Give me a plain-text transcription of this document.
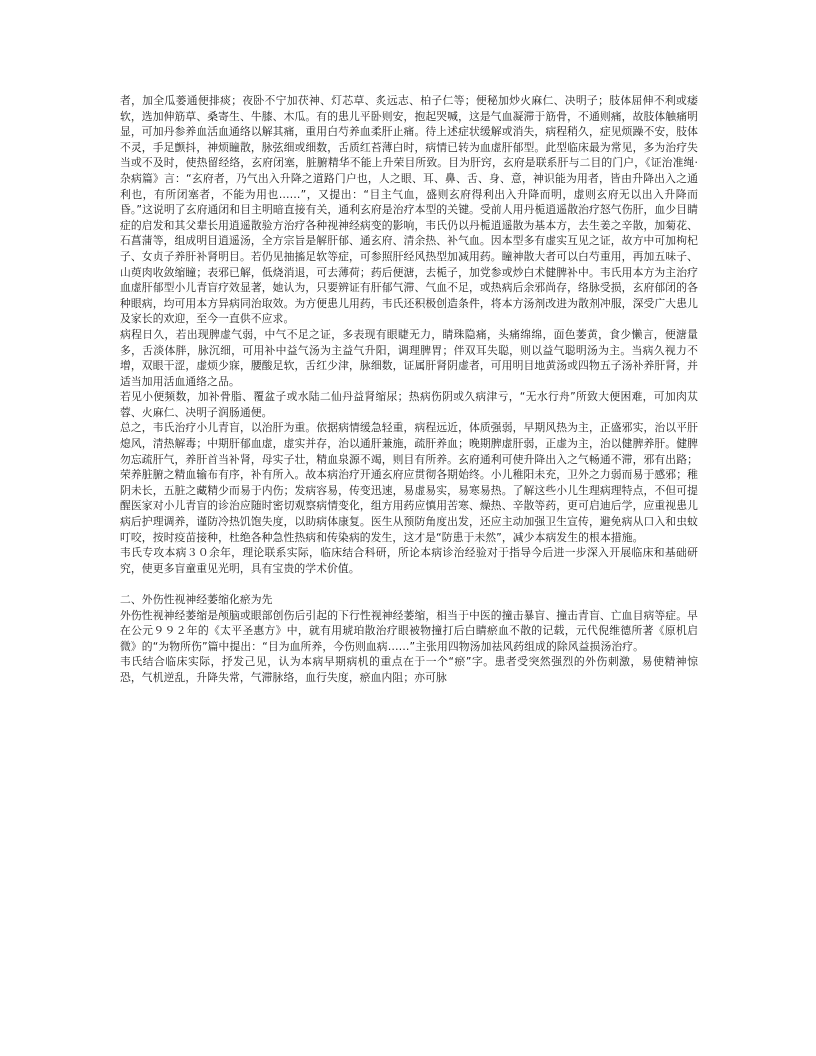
者，加全瓜蒌通便排痰；夜卧不宁加茯神、灯芯草、炙远志、柏子仁等；便秘加炒火麻仁、决明子；肢体屈伸不利或痿软，选加伸筋草、桑寄生、牛膝、木瓜。有的患儿平卧则安，抱起哭喊，这是气血凝滞于筋骨，不通则痛，故肢体触痛明显，可加丹参养血活血通络以解其痛，重用白芍养血柔肝止痛。待上述症状缓解或消失，病程稍久，症见烦躁不安，肢体不灵，手足颤抖，神烦瞳散，脉弦细或细数，舌质红苔薄白时，病情已转为血虚肝郁型。此型临床最为常见，多为治疗失当或不及时，使热留经络，玄府闭塞，脏腑精华不能上升荣目所致。目为肝窍，玄府是联系肝与二目的门户，《证治准绳·杂病篇》言：“玄府者，乃气出入升降之道路门户也，人之眼、耳、鼻、舌、身、意，神识能为用者，皆由升降出入之通利也，有所闭塞者，不能为用也……”，又提出：“目主气血，盛则玄府得利出入升降而明，虚则玄府无以出入升降而昏。”这说明了玄府通闭和目主明暗直接有关，通利玄府是治疗本型的关键。受前人用丹栀逍遥散治疗怒气伤肝，血少目睛症的启发和其父辈长用逍遥散验方治疗各种视神经病变的影响，韦氏仍以丹栀逍遥散为基本方，去生姜之辛散，加菊花、石菖蒲等，组成明目逍遥汤，全方宗旨是解肝郁、通玄府、清余热、补气血。因本型多有虚实互见之证，故方中可加枸杞子、女贞子养肝补肾明目。若仍见抽搐足软等症，可参照肝经风热型加减用药。瞳神散大者可以白芍重用，再加五味子、山萸肉收敛缩瞳；表邪已解，低烧消退，可去薄荷；药后便溏，去栀子，加党参或炒白术健脾补中。韦氏用本方为主治疗血虚肝郁型小儿青盲疗效显著，她认为，只要辨证有肝郁气滞、气血不足，或热病后余邪尚存，络脉受损，玄府郁闭的各种眼病，均可用本方异病同治取效。为方便患儿用药，韦氏还积极创造条件，将本方汤剂改进为散剂冲服，深受广大患儿及家长的欢迎，至今一直供不应求。

病程日久，若出现脾虚气弱，中气不足之证，多表现有眼睫无力，睛珠隐痛，头痛绵绵，面色萎黄，食少懒言，便溏量多，舌淡体胖，脉沉细，可用补中益气汤为主益气升阳，调理脾胃；伴双耳失聪，则以益气聪明汤为主。当病久视力不增，双眼干涩，虚烦少寐，腰酸足软，舌红少津，脉细数，证属肝肾阴虚者，可用明目地黄汤或四物五子汤补养肝肾，并适当加用活血通络之品。

若见小便频数，加补骨脂、覆盆子或水陆二仙丹益肾缩尿；热病伤阴或久病津亏，“无水行舟”所致大便困难，可加肉苁蓉、火麻仁、决明子润肠通便。

总之，韦氏治疗小儿青盲，以治肝为重。依据病情缓急轻重，病程远近，体质强弱，早期风热为主，正盛邪实，治以平肝熄风，清热解毒；中期肝郁血虚，虚实并存，治以通肝兼施，疏肝养血；晚期脾虚肝弱，正虚为主，治以健脾养肝。健脾勿忘疏肝气，养肝首当补肾，母实子壮，精血泉源不竭，则目有所养。玄府通利可使升降出入之气畅通不滞，邪有出路；荣养脏腑之精血输布有序，补有所入。故本病治疗开通玄府应贯彻各期始终。小儿稚阳未充，卫外之力弱而易于感邪；稚阴未长，五脏之藏精少而易于内伤；发病容易，传变迅速，易虚易实，易寒易热。了解这些小儿生理病理特点，不但可提醒医家对小儿青盲的诊治应随时密切观察病情变化，组方用药应慎用苦寒、燥热、辛散等药，更可启迪后学，应重视患儿病后护理调养，谨防冷热饥饱失度，以助病体康复。医生从预防角度出发，还应主动加强卫生宣传，避免病从口入和虫蚊叮咬，按时疫苗接种，杜绝各种急性热病和传染病的发生，这才是“防患于未然”，减少本病发生的根本措施。

韦氏专攻本病３０余年，理论联系实际，临床结合科研，所论本病诊治经验对于指导今后进一步深入开展临床和基础研究，使更多盲童重见光明，具有宝贵的学术价值。

二、外伤性视神经萎缩化瘀为先

外伤性视神经萎缩是颅脑或眼部创伤后引起的下行性视神经萎缩，相当于中医的撞击暴盲、撞击青盲、亡血目病等症。早在公元９９２年的《太平圣惠方》中，就有用琥珀散治疗眼被物撞打后白睛瘀血不散的记载，元代倪维德所著《原机启微》的“为物所伤”篇中提出：“目为血所养，今伤则血病……”主张用四物汤加祛风药组成的除风益损汤治疗。

韦氏结合临床实际，抒发己见，认为本病早期病机的重点在于一个“瘀”字。患者受突然强烈的外伤刺激，易使精神惊恐，气机逆乱，升降失常，气滞脉络，血行失度，瘀血内阻；亦可脉
